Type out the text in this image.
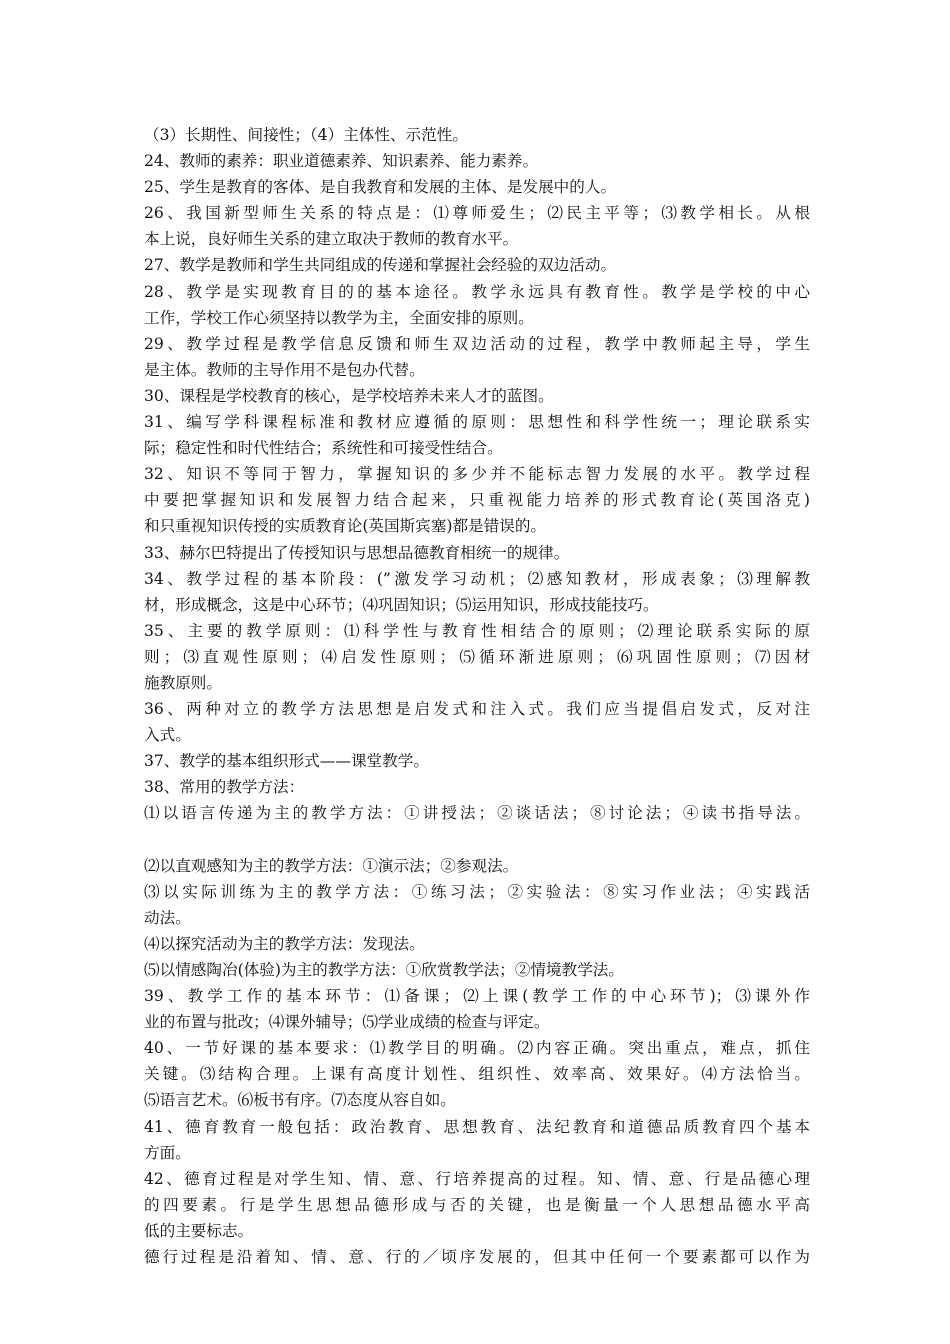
（3）长期性、间接性；（4）主体性、示范性。
24、教师的素养：职业道德素养、知识素养、能力素养。
25、学生是教育的客体、是自我教育和发展的主体、是发展中的人。
26、我国新型师生关系的特点是：⑴尊师爱生；⑵民主平等；⑶教学相长。从根
本上说，良好师生关系的建立取决于教师的教育水平。
27、教学是教师和学生共同组成的传递和掌握社会经验的双边活动。
28、教学是实现教育目的的基本途径。教学永远具有教育性。教学是学校的中心
工作，学校工作心须坚持以教学为主，全面安排的原则。
29、教学过程是教学信息反馈和师生双边活动的过程，教学中教师起主导，学生
是主体。教师的主导作用不是包办代替。
30、课程是学校教育的核心，是学校培养未来人才的蓝图。
31、编写学科课程标准和教材应遵循的原则：思想性和科学性统一；理论联系实
际；稳定性和时代性结合；系统性和可接受性结合。
32、知识不等同于智力，掌握知识的多少并不能标志智力发展的水平。教学过程
中要把掌握知识和发展智力结合起来，只重视能力培养的形式教育论(英国洛克)
和只重视知识传授的实质教育论(英国斯宾塞)都是错误的。
33、赫尔巴特提出了传授知识与思想品德教育相统一的规律。
34、教学过程的基本阶段：(”激发学习动机；⑵感知教材，形成表象；⑶理解教
材，形成概念，这是中心环节；⑷巩固知识；⑸运用知识，形成技能技巧。
35、主要的教学原则：⑴科学性与教育性相结合的原则；⑵理论联系实际的原
则；⑶直观性原则；⑷启发性原则；⑸循环渐进原则；⑹巩固性原则；⑺因材
施教原则。
36、两种对立的教学方法思想是启发式和注入式。我们应当提倡启发式，反对注
入式。
37、教学的基本组织形式——课堂教学。
38、常用的教学方法：
⑴以语言传递为主的教学方法：①讲授法；②谈话法；⑧讨论法；④读书指导法。
⑵以直观感知为主的教学方法：①演示法；②参观法。
⑶以实际训练为主的教学方法：①练习法；②实验法：⑧实习作业法；④实践活
动法。
⑷以探究活动为主的教学方法：发现法。
⑸以情感陶冶(体验)为主的教学方法：①欣赏教学法；②情境教学法。
39、教学工作的基本环节：⑴备课；⑵上课(教学工作的中心环节)；⑶课外作
业的布置与批改；⑷课外辅导；⑸学业成绩的检查与评定。
40、一节好课的基本要求：⑴教学目的明确。⑵内容正确。突出重点，难点，抓住
关键。⑶结构合理。上课有高度计划性、组织性、效率高、效果好。⑷方法恰当。
⑸语言艺术。⑹板书有序。⑺态度从容自如。
41、德育教育一般包括：政治教育、思想教育、法纪教育和道德品质教育四个基本
方面。
42、德育过程是对学生知、情、意、行培养提高的过程。知、情、意、行是品德心理
的四要素。行是学生思想品德形成与否的关键，也是衡量一个人思想品德水平高
低的主要标志。
德行过程是沿着知、情、意、行的／顷序发展的，但其中任何一个要素都可以作为
